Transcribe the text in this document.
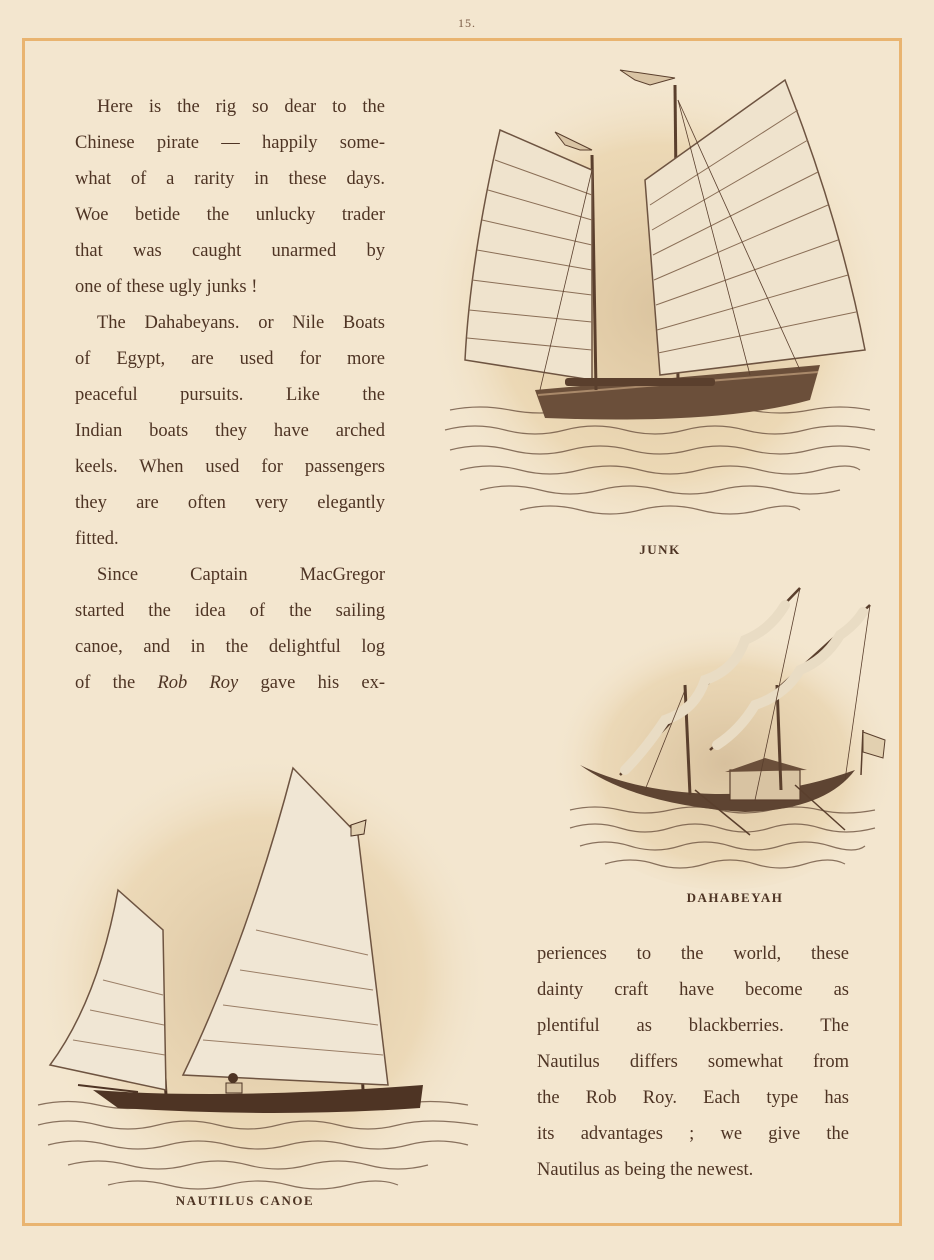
15.
Here is the rig so dear to the
Chinese pirate — happily some-
what of a rarity in these days.
Woe betide the unlucky trader
that was caught unarmed by
one of these ugly junks !
The Dahabeyans. or Nile Boats
of Egypt, are used for more
peaceful pursuits. Like the
Indian boats they have arched
keels. When used for passengers
they are often very elegantly
fitted.
Since Captain MacGregor
started the idea of the sailing
canoe, and in the delightful log
of the Rob Roy gave his ex-
periences to the world, these
dainty craft have become as
plentiful as blackberries. The
Nautilus differs somewhat from
the Rob Roy. Each type has
its advantages ; we give the
Nautilus as being the newest.
JUNK
DAHABEYAH
NAUTILUS CANOE
